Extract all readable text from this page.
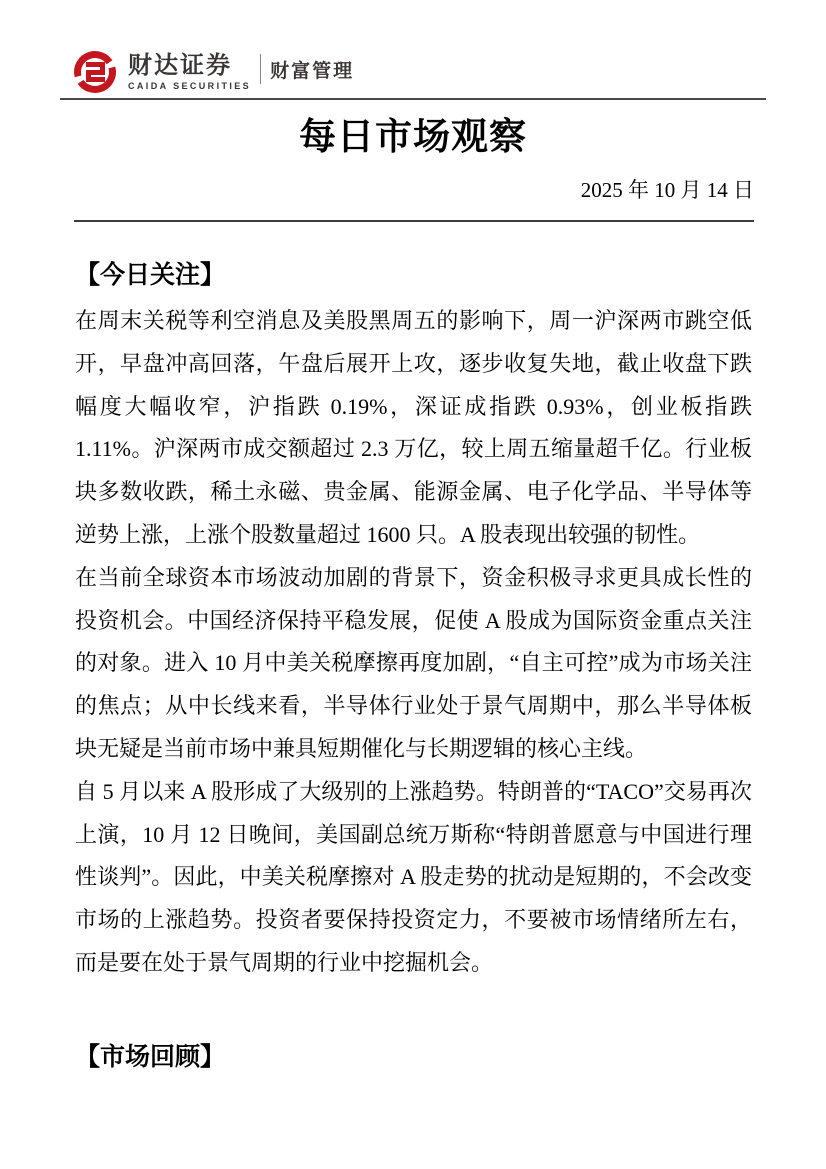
财达证券
CAIDA SECURITIES
财富管理
每日市场观察
2025 年 10 月 14 日
【今日关注】

在周末关税等利空消息及美股黑周五的影响下，周一沪深两市跳空低开，早盘冲高回落，午盘后展开上攻，逐步收复失地，截止收盘下跌幅度大幅收窄，沪指跌 0.19%，深证成指跌 0.93%，创业板指跌 1.11%。沪深两市成交额超过 2.3 万亿，较上周五缩量超千亿。行业板块多数收跌，稀土永磁、贵金属、能源金属、电子化学品、半导体等逆势上涨，上涨个股数量超过 1600 只。A 股表现出较强的韧性。

在当前全球资本市场波动加剧的背景下，资金积极寻求更具成长性的投资机会。中国经济保持平稳发展，促使 A 股成为国际资金重点关注的对象。进入 10 月中美关税摩擦再度加剧，“自主可控”成为市场关注的焦点；从中长线来看，半导体行业处于景气周期中，那么半导体板块无疑是当前市场中兼具短期催化与长期逻辑的核心主线。

自 5 月以来 A 股形成了大级别的上涨趋势。特朗普的“TACO”交易再次上演，10 月 12 日晚间，美国副总统万斯称“特朗普愿意与中国进行理性谈判”。因此，中美关税摩擦对 A 股走势的扰动是短期的，不会改变市场的上涨趋势。投资者要保持投资定力，不要被市场情绪所左右，而是要在处于景气周期的行业中挖掘机会。

【市场回顾】
